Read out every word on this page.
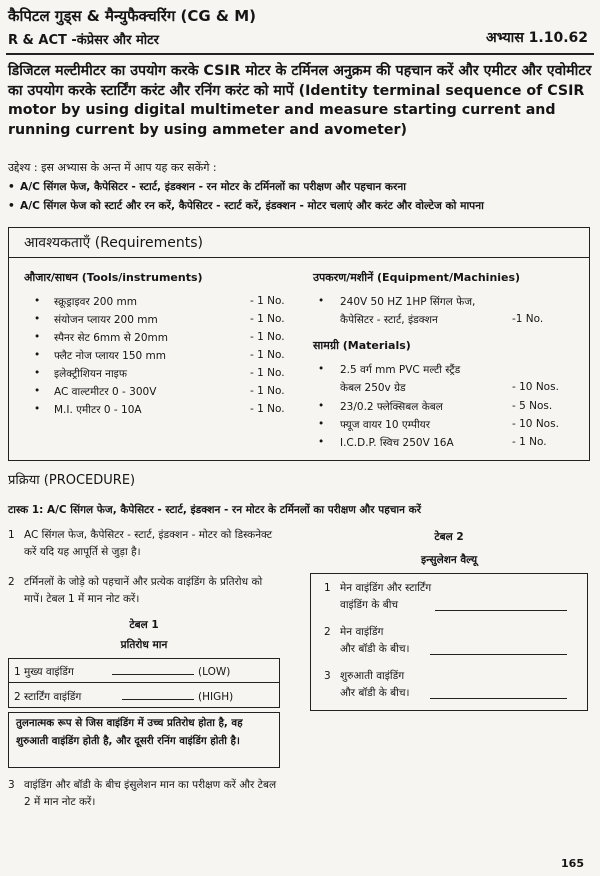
कैपिटल गुड्स & मैन्युफैक्चरिंग (CG & M)
R & ACT -कंप्रेसर और मोटर	अभ्यास 1.10.62
डिजिटल मल्टीमीटर का उपयोग करके CSIR मोटर के टर्मिनल अनुक्रम की पहचान करें और एमीटर और एवोमीटर का उपयोग करके स्टार्टिंग करंट और रनिंग करंट को मापें (Identity terminal sequence of CSIR motor by using digital multimeter and measure starting current and running current by using ammeter and avometer)
उद्देश्य : इस अभ्यास के अन्त में आप यह कर सकेंगे :
• A/C सिंगल फेज, कैपेसिटर - स्टार्ट, इंडक्शन - रन मोटर के टर्मिनलों का परीक्षण और पहचान करना
• A/C सिंगल फेज को स्टार्ट और रन करें, कैपेसिटर - स्टार्ट करें, इंडक्शन - मोटर चलाएं और करंट और वोल्टेज को मापना
आवश्यकताएँ (Requirements)
औजार/साधन (Tools/instruments)
• स्क्रूड्राइवर 200 mm	- 1 No.
• संयोजन प्लायर 200 mm	- 1 No.
• स्पैनर सेट 6mm से 20mm	- 1 No.
• फ्लैट नोज प्लायर 150 mm	- 1 No.
• इलेक्ट्रीशियन नाइफ	- 1 No.
• AC वाल्टमीटर 0 - 300V	- 1 No.
• M.I. एमीटर 0 - 10A	- 1 No.
उपकरण/मशीनें (Equipment/Machinies)
• 240V 50 HZ 1HP सिंगल फेज,
कैपेसिटर - स्टार्ट, इंडक्शन	-1 No.
सामग्री (Materials)
• 2.5 वर्ग mm PVC मल्टी स्ट्रैंड
केबल 250v ग्रेड	- 10 Nos.
• 23/0.2 फ्लेक्सिबल केबल	- 5 Nos.
• फ्यूज वायर 10 एम्पीयर	- 10 Nos.
• I.C.D.P. स्विच 250V 16A	- 1 No.
प्रक्रिया (PROCEDURE)
टास्क 1: A/C सिंगल फेज, कैपेसिटर - स्टार्ट, इंडक्शन - रन मोटर के टर्मिनलों का परीक्षण और पहचान करें
1 AC सिंगल फेज, कैपेसिटर - स्टार्ट, इंडक्शन - मोटर को डिस्कनेक्ट
करें यदि यह आपूर्ति से जुड़ा है।
2 टर्मिनलों के जोड़े को पहचानें और प्रत्येक वाइंडिंग के प्रतिरोध को
मापें। टेबल 1 में मान नोट करें।
टेबल 1
प्रतिरोध मान
1 मुख्य वाइंडिंग	(LOW)
2 स्टार्टिंग वाइंडिंग	(HIGH)
तुलनात्मक रूप से जिस वाइंडिंग में उच्च प्रतिरोध होता है, वह शुरुआती वाइंडिंग होती है, और दूसरी रनिंग वाइंडिंग होती है।
3 वाइंडिंग और बॉडी के बीच इंसुलेशन मान का परीक्षण करें और टेबल
2 में मान नोट करें।
टेबल 2
इन्सुलेशन वैल्यू
1 मेन वाइंडिंग और स्टार्टिंग
वाइंडिंग के बीच
2 मेन वाइंडिंग
और बॉडी के बीच।
3 शुरुआती वाइंडिंग
और बॉडी के बीच।
165
